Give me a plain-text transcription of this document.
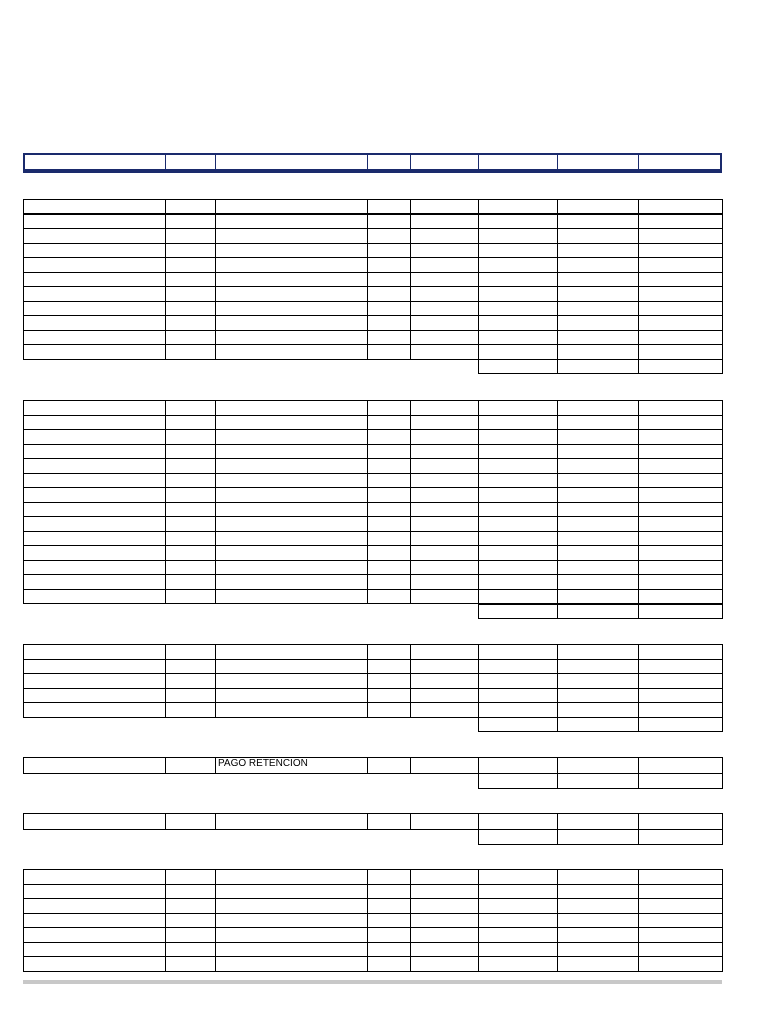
PAGO RETENCION
